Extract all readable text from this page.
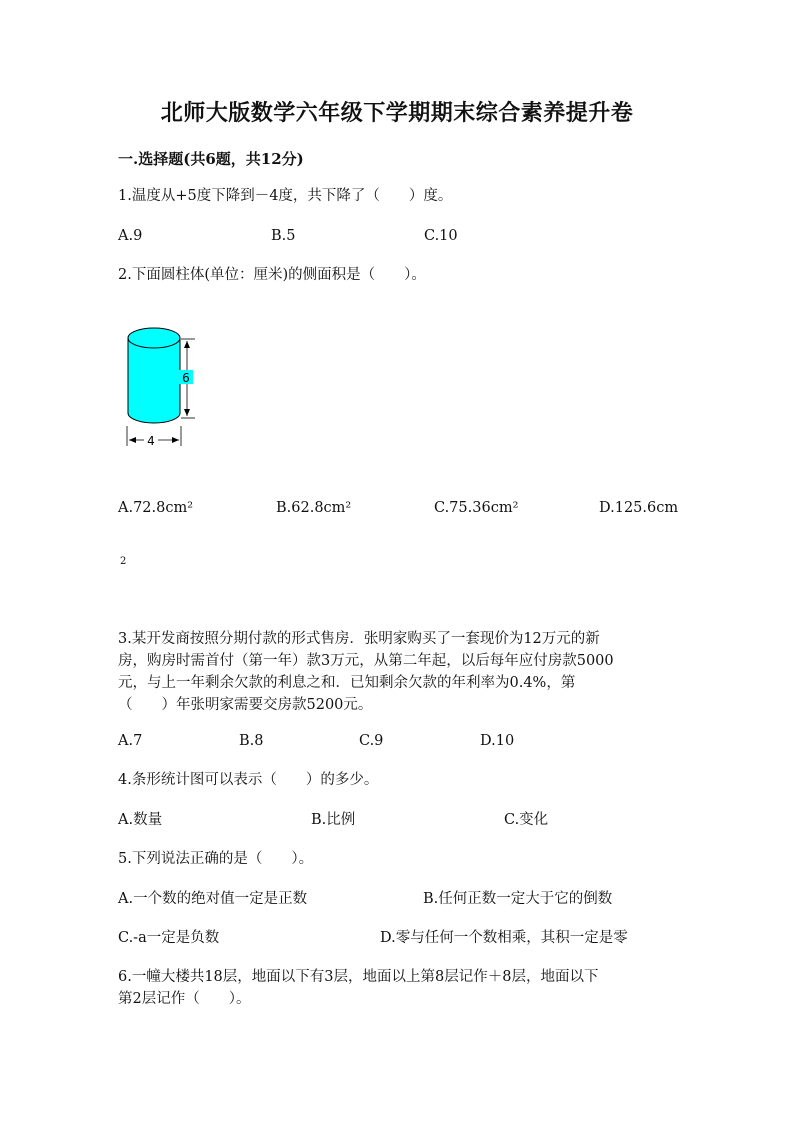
北师大版数学六年级下学期期末综合素养提升卷
一.选择题(共6题，共12分)
1.温度从+5度下降到－4度，共下降了（　　）度。
A.9	B.5	C.10
2.下面圆柱体(单位：厘米)的侧面积是（　　）。
6
4
A.72.8cm²	B.62.8cm²	C.75.36cm²	D.125.6cm
2
3.某开发商按照分期付款的形式售房．张明家购买了一套现价为12万元的新
房，购房时需首付（第一年）款3万元，从第二年起，以后每年应付房款5000
元，与上一年剩余欠款的利息之和．已知剩余欠款的年利率为0.4%，第
（　　）年张明家需要交房款5200元。
A.7	B.8	C.9	D.10
4.条形统计图可以表示（　　）的多少。
A.数量	B.比例	C.变化
5.下列说法正确的是（　　）。
A.一个数的绝对值一定是正数	B.任何正数一定大于它的倒数
C.-a一定是负数	D.零与任何一个数相乘，其积一定是零
6.一幢大楼共18层，地面以下有3层，地面以上第8层记作＋8层，地面以下
第2层记作（　　）。
